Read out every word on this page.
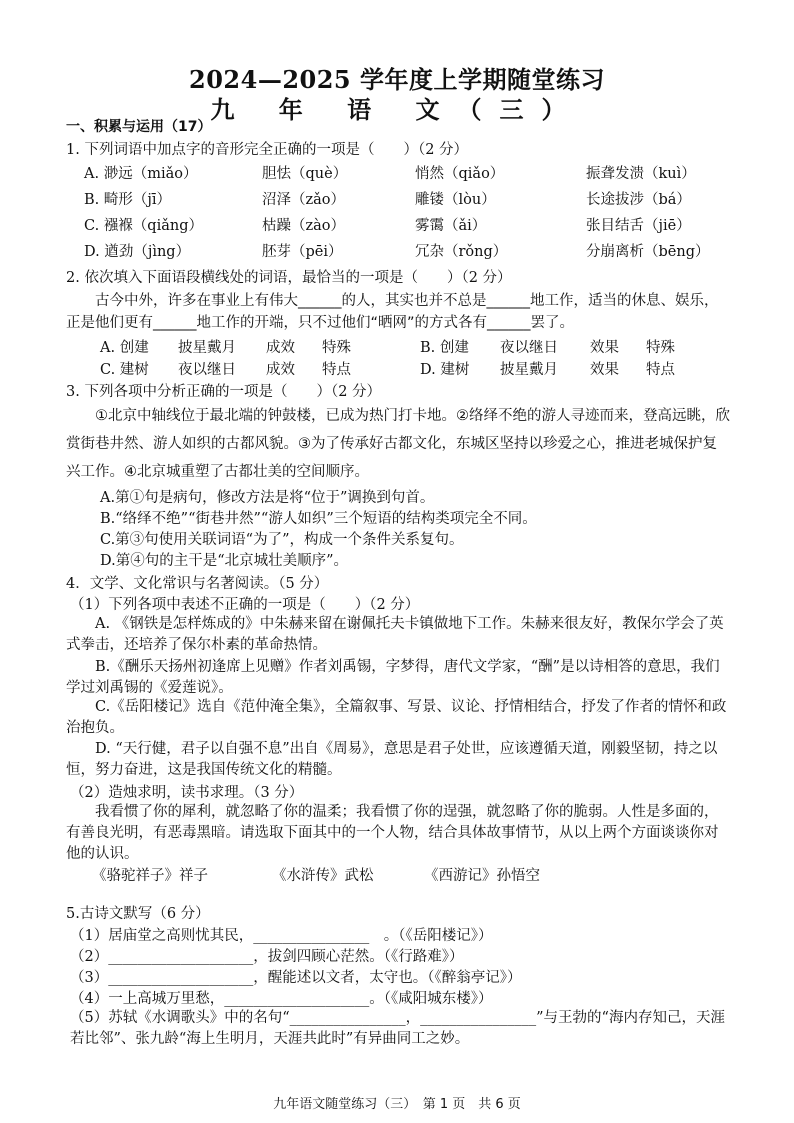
2024—2025 学年度上学期随堂练习
九 年 语 文（三）
一、积累与运用（17）
1. 下列词语中加点字的音形完全正确的一项是（　　）（2 分）
A. 渺远（miǎo）	胆怯（què）	悄然（qiǎo）	振聋发溃（kuì）
B. 畸形（jī）	沼泽（zǎo）	雕镂（lòu）	长途拔涉（bá）
C. 襁褓（qiǎng）	枯躁（zào）	雾霭（ǎi）	张目结舌（jiē）
D. 遒劲（jìng）	胚芽（pēi）	冗杂（rǒng）	分崩离析（bēng）
2. 依次填入下面语段横线处的词语，最恰当的一项是（　　）（2 分）
古今中外，许多在事业上有伟大______的人，其实也并不总是______地工作，适当的休息、娱乐，正是他们更有______地工作的开端，只不过他们“晒网”的方式各有______罢了。
A. 创建 披星戴月 成效 特殊	B. 创建 夜以继日 效果 特殊
C. 建树 夜以继日 成效 特点	D. 建树 披星戴月 效果 特点
3. 下列各项中分析正确的一项是（　　）（2 分）
①北京中轴线位于最北端的钟鼓楼，已成为热门打卡地。②络绎不绝的游人寻迹而来，登高远眺，欣赏街巷井然、游人如织的古都风貌。③为了传承好古都文化，东城区坚持以珍爱之心，推进老城保护复兴工作。④北京城重塑了古都壮美的空间顺序。
A.第①句是病句，修改方法是将“位于”调换到句首。
B.“络绎不绝”“街巷井然”“游人如织”三个短语的结构类项完全不同。
C.第③句使用关联词语“为了”，构成一个条件关系复句。
D.第④句的主干是“北京城壮美顺序”。
4．文学、文化常识与名著阅读。（5 分）
（1）下列各项中表述不正确的一项是（　　）（2 分）
A. 《钢铁是怎样炼成的》中朱赫来留在谢佩托夫卡镇做地下工作。朱赫来很友好，教保尔学会了英式拳击，还培养了保尔朴素的革命热情。
B.《酬乐天扬州初逢席上见赠》作者刘禹锡，字梦得，唐代文学家，“酬”是以诗相答的意思，我们学过刘禹锡的《爱莲说》。
C.《岳阳楼记》选自《范仲淹全集》，全篇叙事、写景、议论、抒情相结合，抒发了作者的情怀和政治抱负。
D. “天行健，君子以自强不息”出自《周易》，意思是君子处世，应该遵循天道，刚毅坚韧，持之以恒，努力奋进，这是我国传统文化的精髓。
（2）造烛求明，读书求理。（3 分）
我看惯了你的犀利，就忽略了你的温柔；我看惯了你的逞强，就忽略了你的脆弱。人性是多面的，有善良光明，有恶毒黑暗。请选取下面其中的一个人物，结合具体故事情节，从以上两个方面谈谈你对他的认识。
《骆驼祥子》祥子	《水浒传》武松	《西游记》孙悟空
5.古诗文默写（6 分）
（1）居庙堂之高则忧其民，________________　。（《岳阳楼记》）
（2）____________________，拔剑四顾心茫然。（《行路难》）
（3）____________________，醒能述以文者，太守也。（《醉翁亭记》）
（4）一上高城万里愁，____________________。（《咸阳城东楼》）
（5）苏轼《水调歌头》中的名句“________________，________________”与王勃的“海内存知己，天涯若比邻”、张九龄“海上生明月，天涯共此时”有异曲同工之妙。
九年语文随堂练习（三）　第 1 页　共 6 页
